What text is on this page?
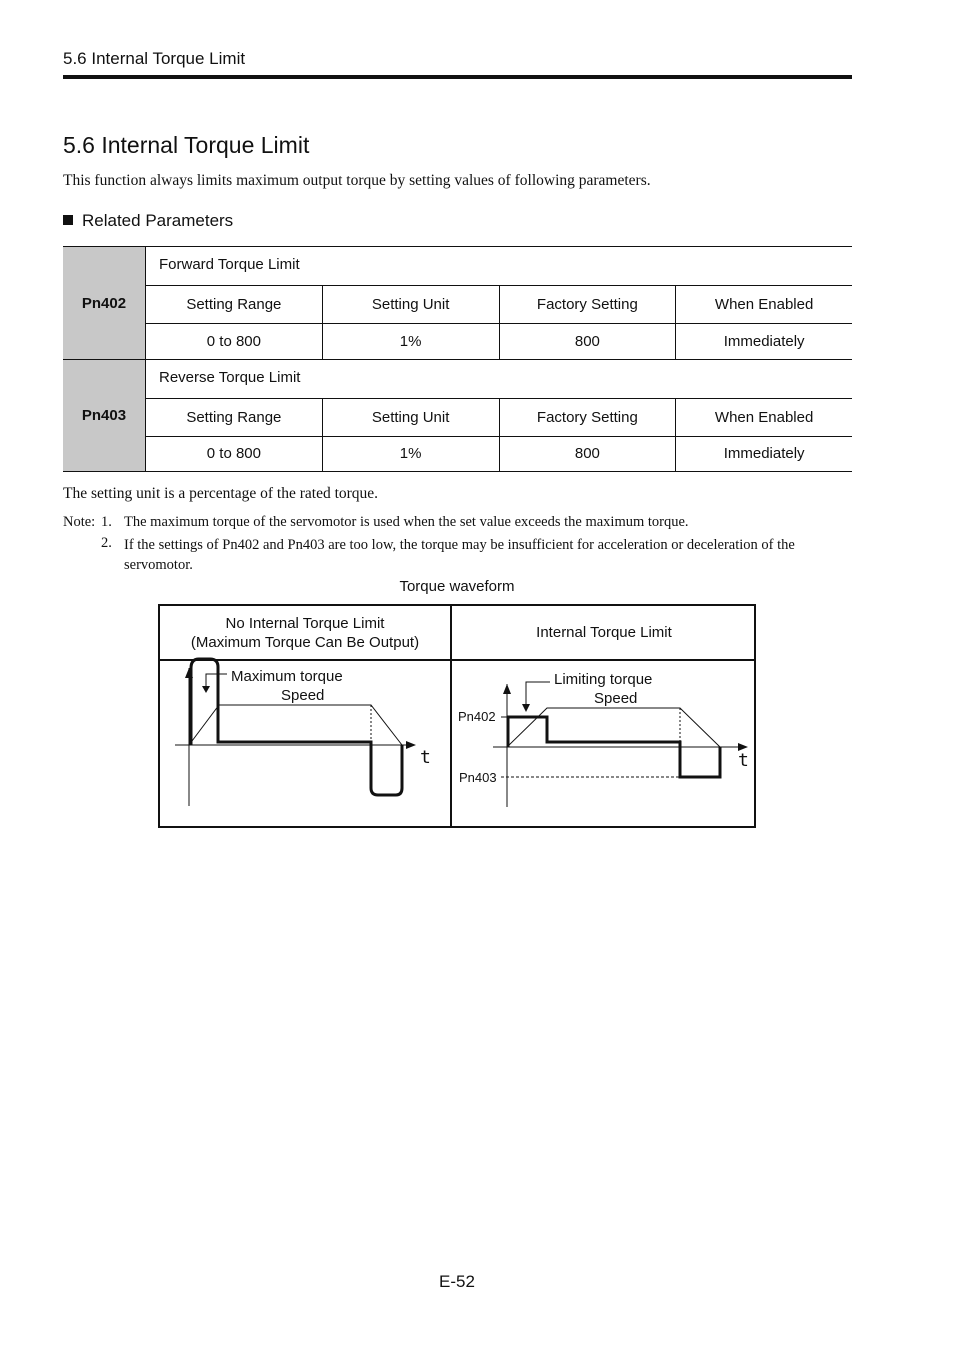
5.6 Internal Torque Limit
5.6 Internal Torque Limit
This function always limits maximum output torque by setting values of following parameters.
Related Parameters
Pn402
Forward Torque Limit
Setting Range	Setting Unit	Factory Setting	When Enabled
0 to 800	1%	800	Immediately
Pn403
Reverse Torque Limit
Setting Range	Setting Unit	Factory Setting	When Enabled
0 to 800	1%	800	Immediately
The setting unit is a percentage of the rated torque.
Note: 1. The maximum torque of the servomotor is used when the set value exceeds the maximum torque.
2. If the settings of Pn402 and Pn403 are too low, the torque may be insufficient for acceleration or deceleration of the servomotor.
Torque waveform
No Internal Torque Limit
(Maximum Torque Can Be Output)
Internal Torque Limit
t
Maximum torque
Speed
t
Limiting torque
Speed
Pn402
Pn403
E-52
